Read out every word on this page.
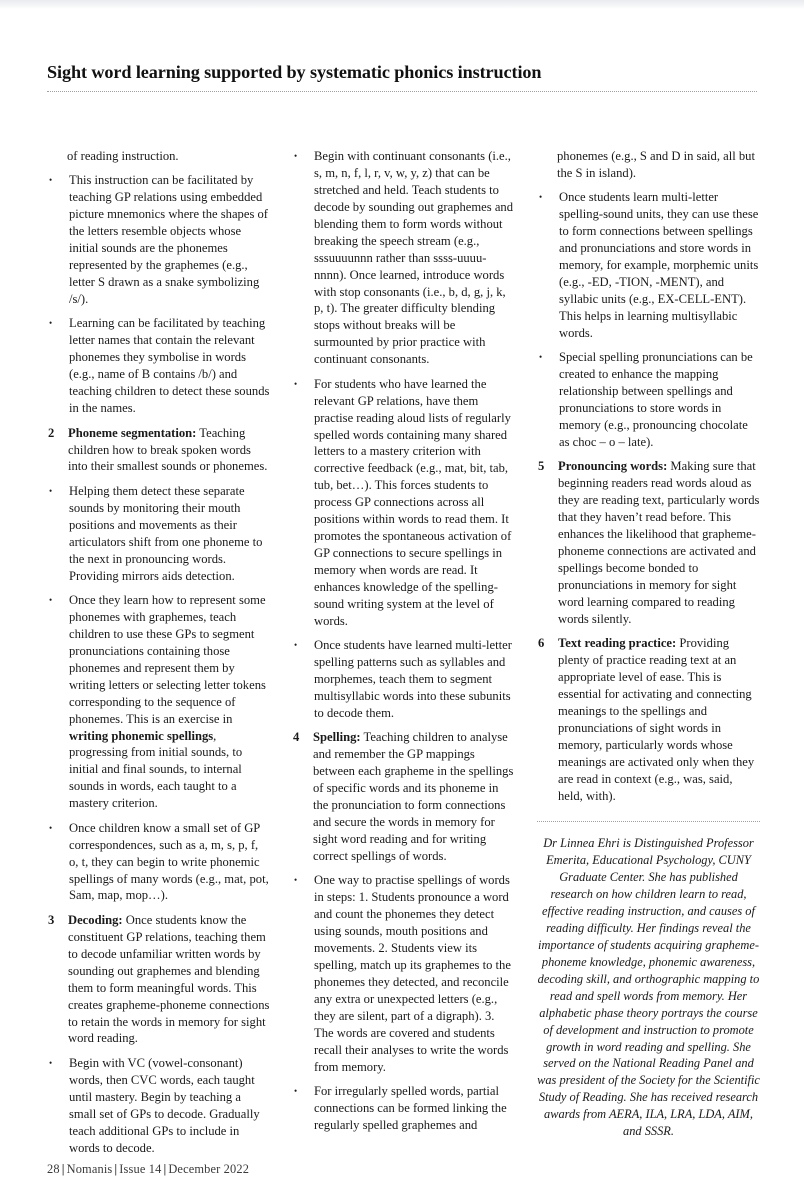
Sight word learning supported by systematic phonics instruction
of reading instruction.
•	This instruction can be facilitated by teaching GP relations using embedded picture mnemonics where the shapes of the letters resemble objects whose initial sounds are the phonemes represented by the graphemes (e.g., letter S drawn as a snake symbolizing /s/).
•	Learning can be facilitated by teaching letter names that contain the relevant phonemes they symbolise in words (e.g., name of B contains /b/) and teaching children to detect these sounds in the names.
2	Phoneme segmentation: Teaching children how to break spoken words into their smallest sounds or phonemes.
•	Helping them detect these separate sounds by monitoring their mouth positions and movements as their articulators shift from one phoneme to the next in pronouncing words. Providing mirrors aids detection.
•	Once they learn how to represent some phonemes with graphemes, teach children to use these GPs to segment pronunciations containing those phonemes and represent them by writing letters or selecting letter tokens corresponding to the sequence of phonemes. This is an exercise in writing phonemic spellings, progressing from initial sounds, to initial and final sounds, to internal sounds in words, each taught to a mastery criterion.
•	Once children know a small set of GP correspondences, such as a, m, s, p, f, o, t, they can begin to write phonemic spellings of many words (e.g., mat, pot, Sam, map, mop…).
3	Decoding: Once students know the constituent GP relations, teaching them to decode unfamiliar written words by sounding out graphemes and blending them to form meaningful words. This creates grapheme-phoneme connections to retain the words in memory for sight word reading.
•	Begin with VC (vowel-consonant) words, then CVC words, each taught until mastery. Begin by teaching a small set of GPs to decode. Gradually teach additional GPs to include in words to decode.
•	Begin with continuant consonants (i.e., s, m, n, f, l, r, v, w, y, z) that can be stretched and held. Teach students to decode by sounding out graphemes and blending them to form words without breaking the speech stream (e.g., sssuuuunnn rather than ssss-uuuu-nnnn). Once learned, introduce words with stop consonants (i.e., b, d, g, j, k, p, t). The greater difficulty blending stops without breaks will be surmounted by prior practice with continuant consonants.
•	For students who have learned the relevant GP relations, have them practise reading aloud lists of regularly spelled words containing many shared letters to a mastery criterion with corrective feedback (e.g., mat, bit, tab, tub, bet…). This forces students to process GP connections across all positions within words to read them. It promotes the spontaneous activation of GP connections to secure spellings in memory when words are read. It enhances knowledge of the spelling-sound writing system at the level of words.
•	Once students have learned multi-letter spelling patterns such as syllables and morphemes, teach them to segment multisyllabic words into these subunits to decode them.
4	Spelling: Teaching children to analyse and remember the GP mappings between each grapheme in the spellings of specific words and its phoneme in the pronunciation to form connections and secure the words in memory for sight word reading and for writing correct spellings of words.
•	One way to practise spellings of words in steps: 1. Students pronounce a word and count the phonemes they detect using sounds, mouth positions and movements. 2. Students view its spelling, match up its graphemes to the phonemes they detected, and reconcile any extra or unexpected letters (e.g., they are silent, part of a digraph). 3. The words are covered and students recall their analyses to write the words from memory.
•	For irregularly spelled words, partial connections can be formed linking the regularly spelled graphemes and
phonemes (e.g., S and D in said, all but the S in island).
•	Once students learn multi-letter spelling-sound units, they can use these to form connections between spellings and pronunciations and store words in memory, for example, morphemic units (e.g., -ED, -TION, -MENT), and syllabic units (e.g., EX-CELL-ENT). This helps in learning multisyllabic words.
•	Special spelling pronunciations can be created to enhance the mapping relationship between spellings and pronunciations to store words in memory (e.g., pronouncing chocolate as choc – o – late).
5	Pronouncing words: Making sure that beginning readers read words aloud as they are reading text, particularly words that they haven’t read before. This enhances the likelihood that grapheme-phoneme connections are activated and spellings become bonded to pronunciations in memory for sight word learning compared to reading words silently.
6	Text reading practice: Providing plenty of practice reading text at an appropriate level of ease. This is essential for activating and connecting meanings to the spellings and pronunciations of sight words in memory, particularly words whose meanings are activated only when they are read in context (e.g., was, said, held, with).
Dr Linnea Ehri is Distinguished Professor Emerita, Educational Psychology, CUNY Graduate Center. She has published research on how children learn to read, effective reading instruction, and causes of reading difficulty. Her findings reveal the importance of students acquiring grapheme-phoneme knowledge, phonemic awareness, decoding skill, and orthographic mapping to read and spell words from memory. Her alphabetic phase theory portrays the course of development and instruction to promote growth in word reading and spelling. She served on the National Reading Panel and was president of the Society for the Scientific Study of Reading. She has received research awards from AERA, ILA, LRA, LDA, AIM, and SSSR.
28 | Nomanis | Issue 14 | December 2022
